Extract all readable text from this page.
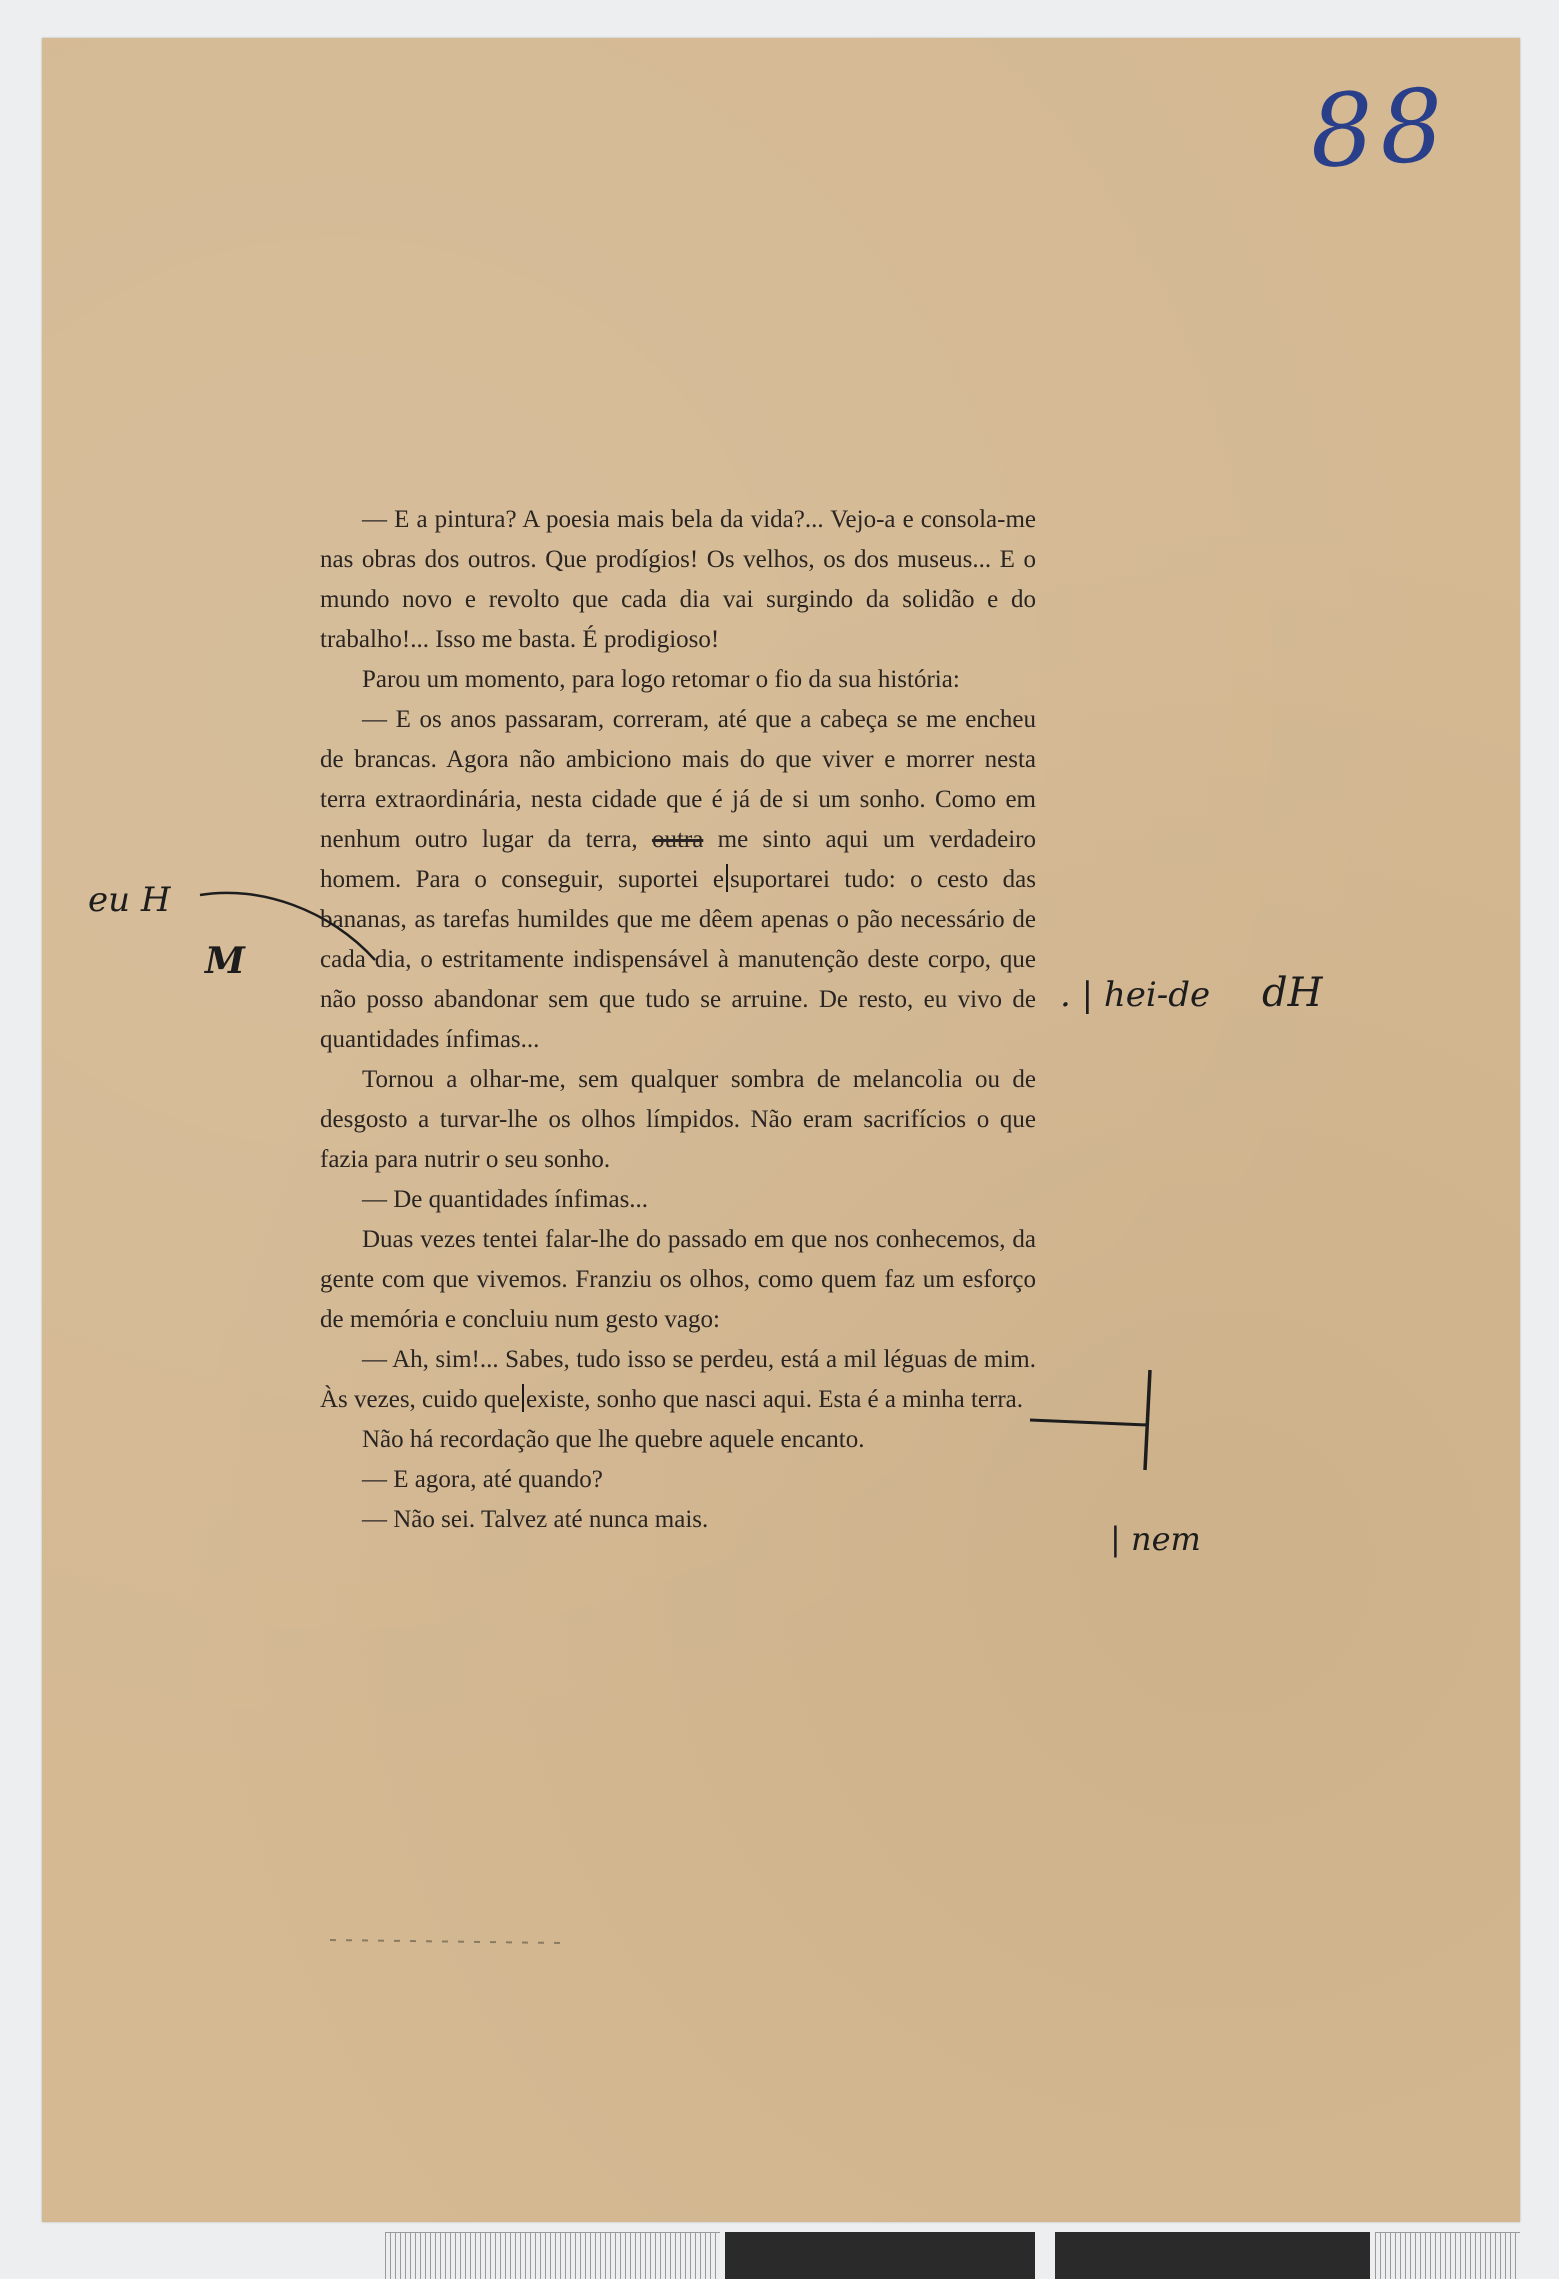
88

— E a pintura? A poesia mais bela da vida?... Vejo-a e consola-me nas obras dos outros. Que prodígios! Os velhos, os dos museus... E o mundo novo e revolto que cada dia vai surgindo da solidão e do trabalho!... Isso me basta. É prodigioso!

Parou um momento, para logo retomar o fio da sua história:

— E os anos passaram, correram, até que a cabeça se me encheu de brancas. Agora não ambiciono mais do que viver e morrer nesta terra extraordinária, nesta cidade que é já de si um sonho. Como em nenhum outro lugar da terra, outra me sinto aqui um verdadeiro homem. Para o conseguir, suportei e suportarei tudo: o cesto das bananas, as tarefas humildes que me dêem apenas o pão necessário de cada dia, o estritamente indispensável à manutenção deste corpo, que não posso abandonar sem que tudo se arruine. De resto, eu vivo de quantidades ínfimas...

Tornou a olhar-me, sem qualquer sombra de melancolia ou de desgosto a turvar-lhe os olhos límpidos. Não eram sacrifícios o que fazia para nutrir o seu sonho.

— De quantidades ínfimas...

Duas vezes tentei falar-lhe do passado em que nos conhecemos, da gente com que vivemos. Franziu os olhos, como quem faz um esforço de memória e concluiu num gesto vago:

— Ah, sim!... Sabes, tudo isso se perdeu, está a mil léguas de mim. Às vezes, cuido que existe, sonho que nasci aqui. Esta é a minha terra.

Não há recordação que lhe quebre aquele encanto.

— E agora, até quando?

— Não sei. Talvez até nunca mais.

eu H
M
. | hei-de dH
| nem
